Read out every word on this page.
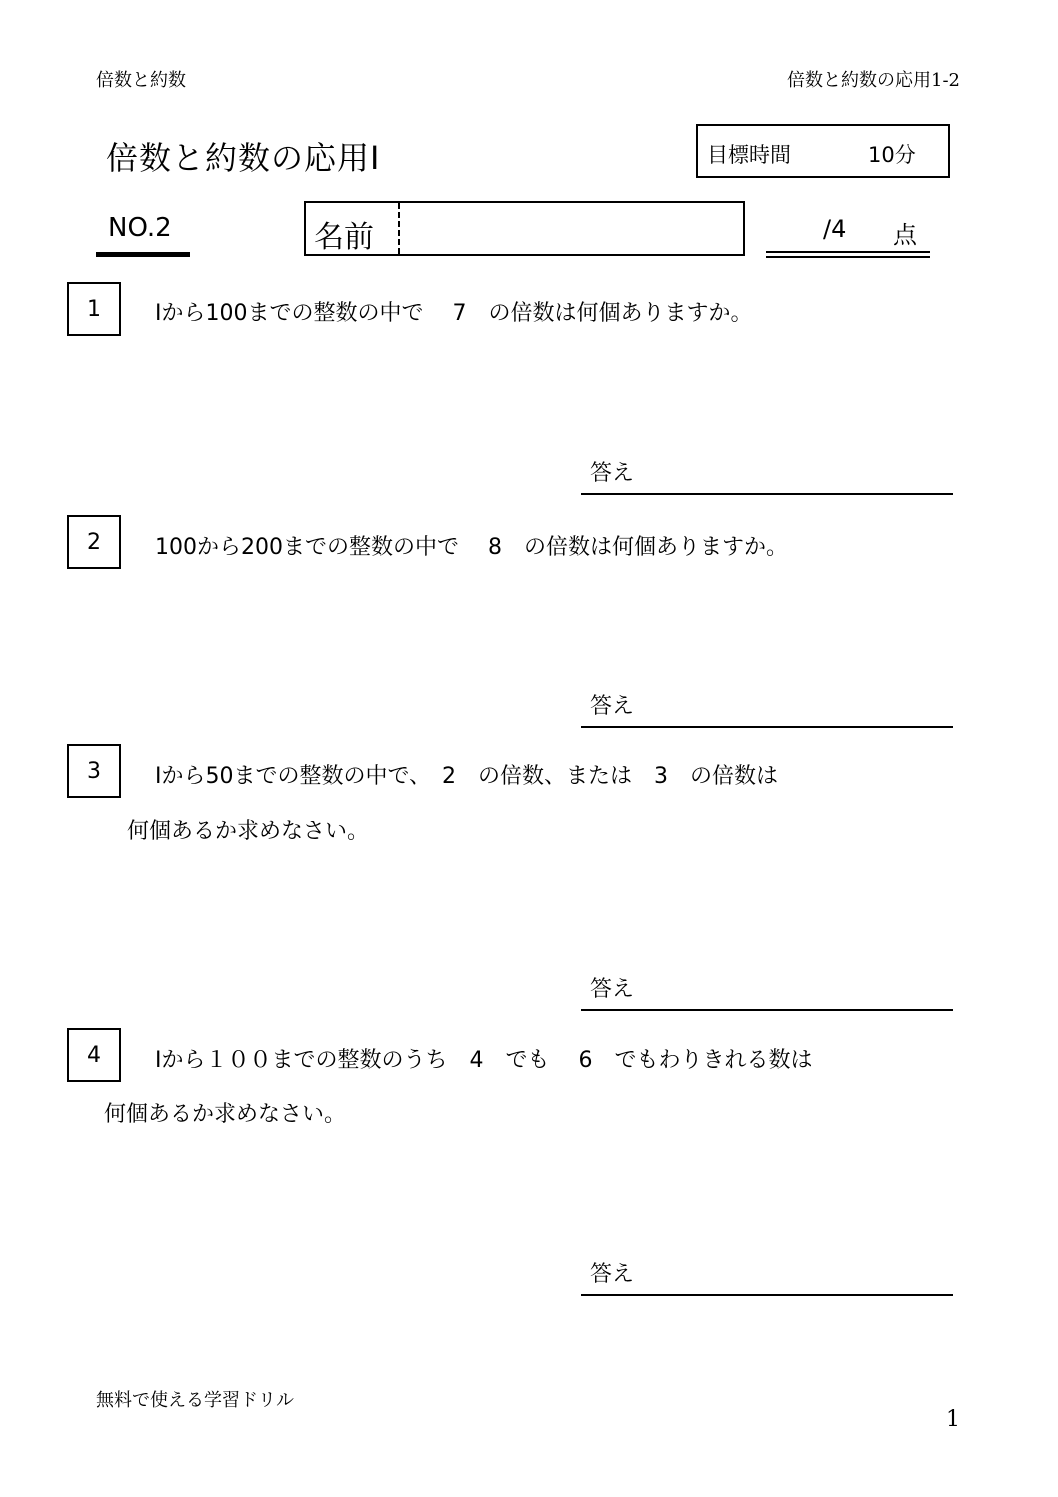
倍数と約数	倍数と約数の応用1-2
倍数と約数の応用Ⅰ	目標時間	10分
NO.2	名前	/4 点
1	Ⅰから100までの整数の中で　 7　の倍数は何個ありますか。
答え
2	100から200までの整数の中で　 8　の倍数は何個ありますか。
答え
3	Ⅰから50までの整数の中で、　2　の倍数、または　3　の倍数は
何個あるか求めなさい。
答え
4	Ⅰから１００までの整数のうち　4　でも　 6　でもわりきれる数は
何個あるか求めなさい。
答え
無料で使える学習ドリル
1
